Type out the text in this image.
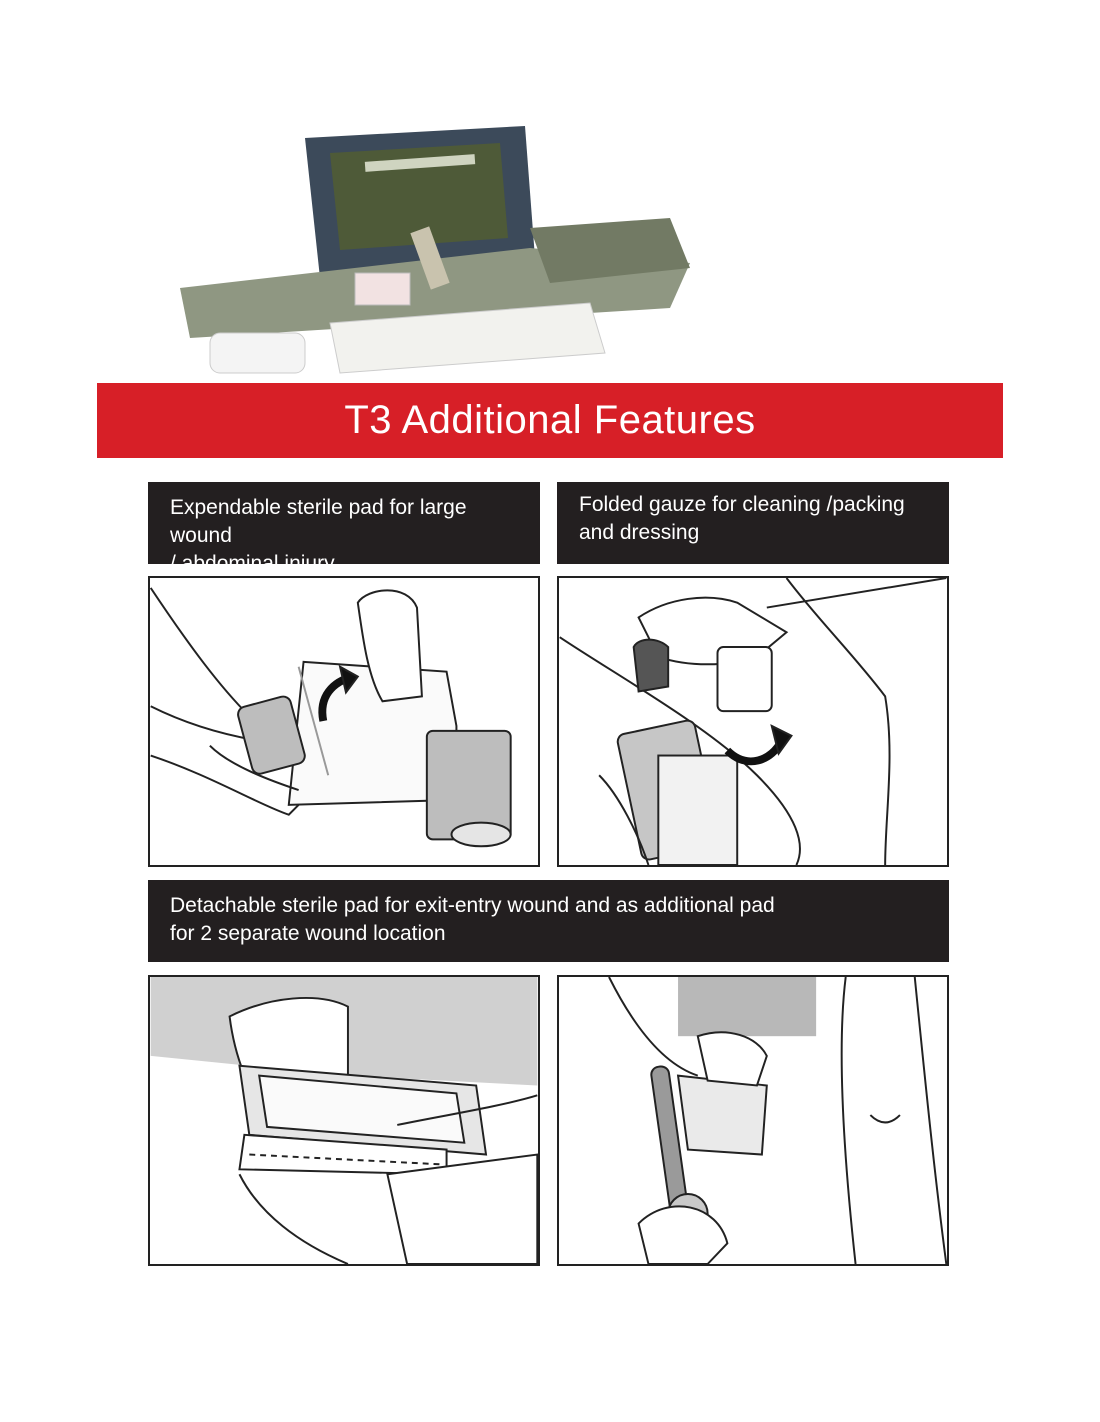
T3 Additional Features
Expendable sterile pad for large wound
/ abdominal injury
Folded gauze for cleaning /packing
and dressing
Detachable sterile pad for exit-entry wound and as additional pad
for 2 separate wound location
